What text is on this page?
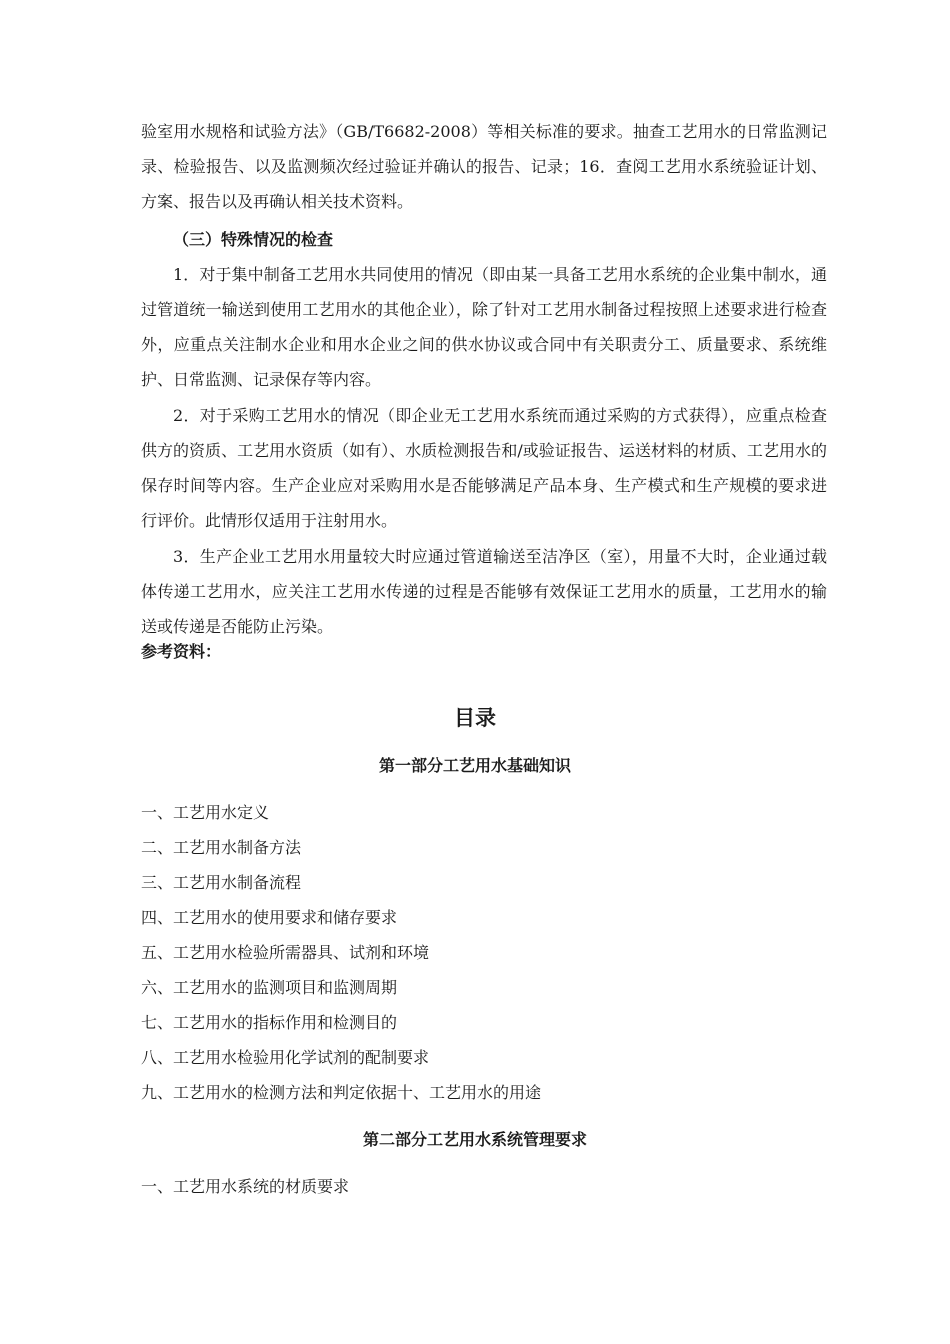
验室用水规格和试验方法》（GB/T6682-2008）等相关标准的要求。抽查工艺用水的日常监测记录、检验报告、以及监测频次经过验证并确认的报告、记录；16．查阅工艺用水系统验证计划、方案、报告以及再确认相关技术资料。

（三）特殊情况的检查

1．对于集中制备工艺用水共同使用的情况（即由某一具备工艺用水系统的企业集中制水，通过管道统一输送到使用工艺用水的其他企业），除了针对工艺用水制备过程按照上述要求进行检查外，应重点关注制水企业和用水企业之间的供水协议或合同中有关职责分工、质量要求、系统维护、日常监测、记录保存等内容。

2．对于采购工艺用水的情况（即企业无工艺用水系统而通过采购的方式获得），应重点检查供方的资质、工艺用水资质（如有）、水质检测报告和/或验证报告、运送材料的材质、工艺用水的保存时间等内容。生产企业应对采购用水是否能够满足产品本身、生产模式和生产规模的要求进行评价。此情形仅适用于注射用水。

3．生产企业工艺用水用量较大时应通过管道输送至洁净区（室），用量不大时，企业通过载体传递工艺用水，应关注工艺用水传递的过程是否能够有效保证工艺用水的质量，工艺用水的输送或传递是否能防止污染。

参考资料：

目录
第一部分工艺用水基础知识

一、工艺用水定义

二、工艺用水制备方法

三、工艺用水制备流程

四、工艺用水的使用要求和储存要求

五、工艺用水检验所需器具、试剂和环境

六、工艺用水的监测项目和监测周期

七、工艺用水的指标作用和检测目的

八、工艺用水检验用化学试剂的配制要求

九、工艺用水的检测方法和判定依据十、工艺用水的用途

第二部分工艺用水系统管理要求

一、工艺用水系统的材质要求
